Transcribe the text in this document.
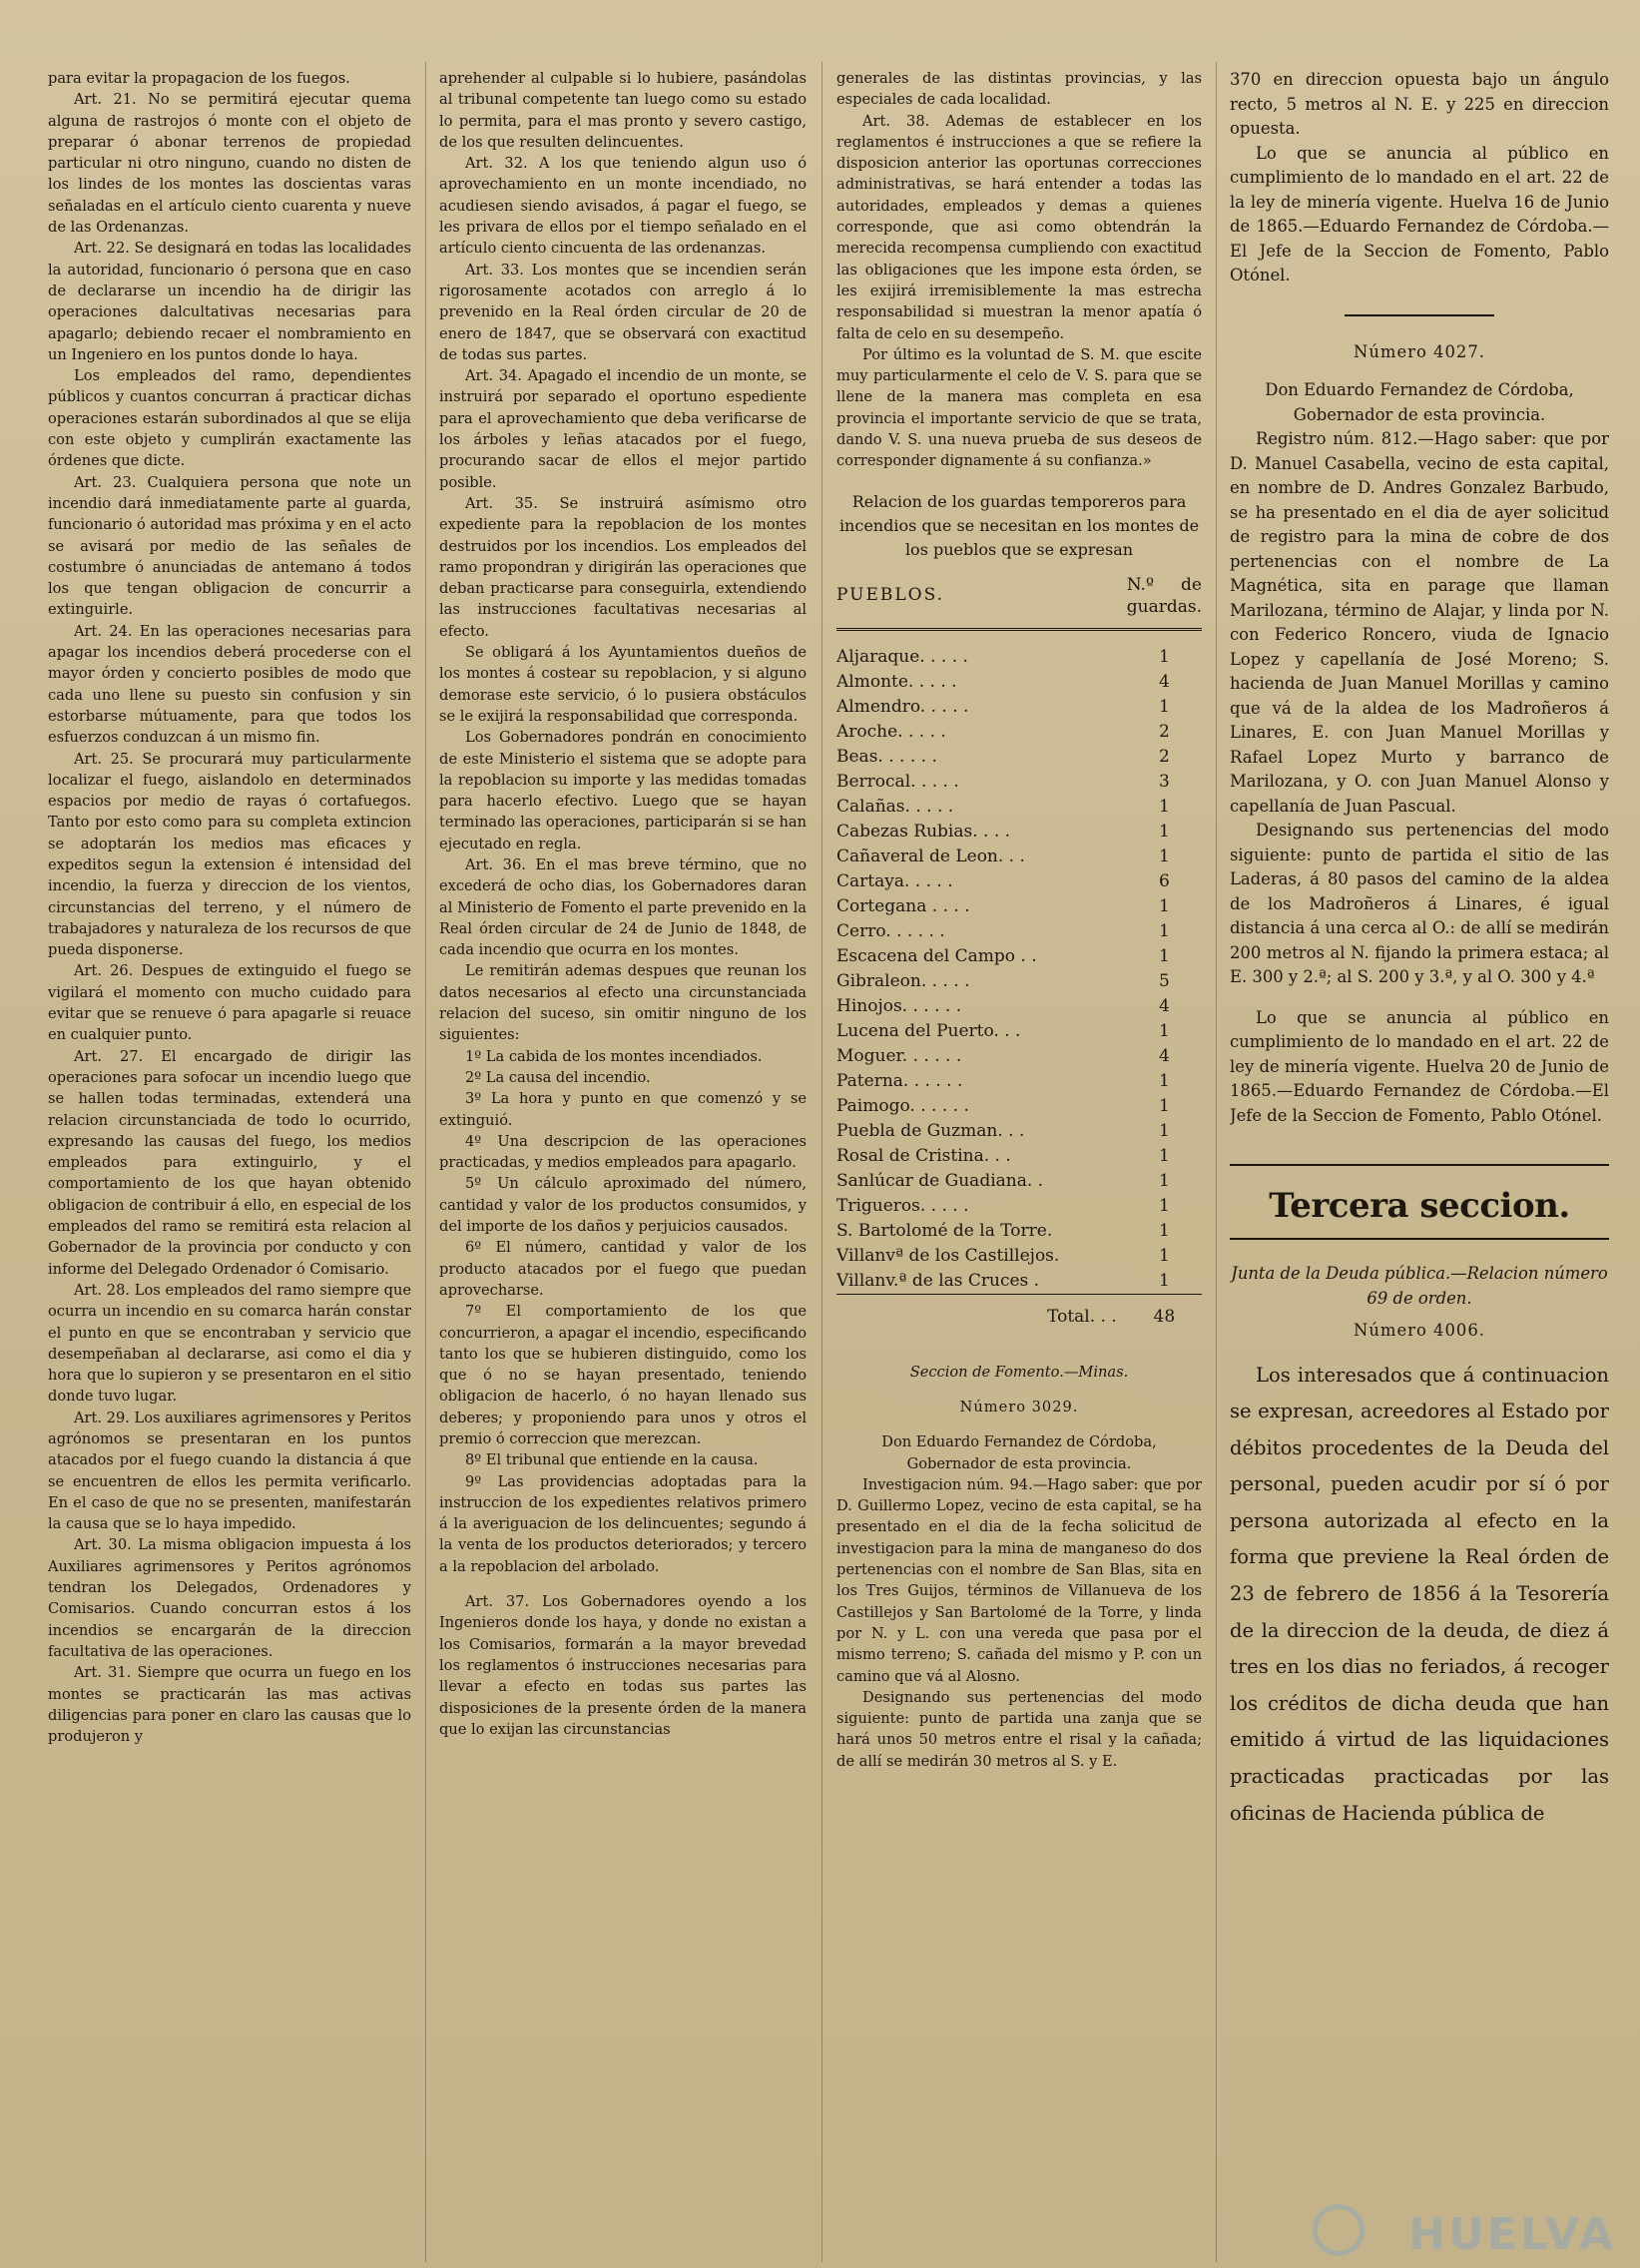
para evitar la propagacion de los fuegos.

Art. 21. No se permitirá ejecutar quema alguna de rastrojos ó monte con el objeto de preparar ó abonar terrenos de propiedad particular ni otro ninguno, cuando no disten de los lindes de los montes las doscientas varas señaladas en el artículo ciento cuarenta y nueve de las Ordenanzas.

Art. 22. Se designará en todas las localidades la autoridad, funcionario ó persona que en caso de declararse un incendio ha de dirigir las operaciones dalcultativas necesarias para apagarlo; debiendo recaer el nombramiento en un Ingeniero en los puntos donde lo haya.

Los empleados del ramo, dependientes públicos y cuantos concurran á practicar dichas operaciones estarán subordinados al que se elija con este objeto y cumplirán exactamente las órdenes que dicte.

Art. 23. Cualquiera persona que note un incendio dará inmediatamente parte al guarda, funcionario ó autoridad mas próxima y en el acto se avisará por medio de las señales de costumbre ó anunciadas de antemano á todos los que tengan obligacion de concurrir a extinguirle.

Art. 24. En las operaciones necesarias para apagar los incendios deberá procederse con el mayor órden y concierto posibles de modo que cada uno llene su puesto sin confusion y sin estorbarse mútuamente, para que todos los esfuerzos conduzcan á un mismo fin.

Art. 25. Se procurará muy particularmente localizar el fuego, aislandolo en determinados espacios por medio de rayas ó cortafuegos. Tanto por esto como para su completa extincion se adoptarán los medios mas eficaces y expeditos segun la extension é intensidad del incendio, la fuerza y direccion de los vientos, circunstancias del terreno, y el número de trabajadores y naturaleza de los recursos de que pueda disponerse.

Art. 26. Despues de extinguido el fuego se vigilará el momento con mucho cuidado para evitar que se renueve ó para apagarle si reuace en cualquier punto.

Art. 27. El encargado de dirigir las operaciones para sofocar un incendio luego que se hallen todas terminadas, extenderá una relacion circunstanciada de todo lo ocurrido, expresando las causas del fuego, los medios empleados para extinguirlo, y el comportamiento de los que hayan obtenido obligacion de contribuir á ello, en especial de los empleados del ramo se remitirá esta relacion al Gobernador de la provincia por conducto y con informe del Delegado Ordenador ó Comisario.

Art. 28. Los empleados del ramo siempre que ocurra un incendio en su comarca harán constar el punto en que se encontraban y servicio que desempeñaban al declararse, asi como el dia y hora que lo supieron y se presentaron en el sitio donde tuvo lugar.

Art. 29. Los auxiliares agrimensores y Peritos agrónomos se presentaran en los puntos atacados por el fuego cuando la distancia á que se encuentren de ellos les permita verificarlo. En el caso de que no se presenten, manifestarán la causa que se lo haya impedido.

Art. 30. La misma obligacion impuesta á los Auxiliares agrimensores y Peritos agrónomos tendran los Delegados, Ordenadores y Comisarios. Cuando concurran estos á los incendios se encargarán de la direccion facultativa de las operaciones.

Art. 31. Siempre que ocurra un fuego en los montes se practicarán las mas activas diligencias para poner en claro las causas que lo produjeron y

aprehender al culpable si lo hubiere, pasándolas al tribunal competente tan luego como su estado lo permita, para el mas pronto y severo castigo, de los que resulten delincuentes.

Art. 32. A los que teniendo algun uso ó aprovechamiento en un monte incendiado, no acudiesen siendo avisados, á pagar el fuego, se les privara de ellos por el tiempo señalado en el artículo ciento cincuenta de las ordenanzas.

Art. 33. Los montes que se incendien serán rigorosamente acotados con arreglo á lo prevenido en la Real órden circular de 20 de enero de 1847, que se observará con exactitud de todas sus partes.

Art. 34. Apagado el incendio de un monte, se instruirá por separado el oportuno espediente para el aprovechamiento que deba verificarse de los árboles y leñas atacados por el fuego, procurando sacar de ellos el mejor partido posible.

Art. 35. Se instruirá asímismo otro expediente para la repoblacion de los montes destruidos por los incendios. Los empleados del ramo propondran y dirigirán las operaciones que deban practicarse para conseguirla, extendiendo las instrucciones facultativas necesarias al efecto.

Se obligará á los Ayuntamientos dueños de los montes á costear su repoblacion, y si alguno demorase este servicio, ó lo pusiera obstáculos se le exijirá la responsabilidad que corresponda.

Los Gobernadores pondrán en conocimiento de este Ministerio el sistema que se adopte para la repoblacion su importe y las medidas tomadas para hacerlo efectivo. Luego que se hayan terminado las operaciones, participarán si se han ejecutado en regla.

Art. 36. En el mas breve término, que no excederá de ocho dias, los Gobernadores daran al Ministerio de Fomento el parte prevenido en la Real órden circular de 24 de Junio de 1848, de cada incendio que ocurra en los montes.

Le remitirán ademas despues que reunan los datos necesarios al efecto una circunstanciada relacion del suceso, sin omitir ninguno de los siguientes:

1º La cabida de los montes incendiados.

2º La causa del incendio.

3º La hora y punto en que comenzó y se extinguió.

4º Una descripcion de las operaciones practicadas, y medios empleados para apagarlo.

5º Un cálculo aproximado del número, cantidad y valor de los productos consumidos, y del importe de los daños y perjuicios causados.

6º El número, cantidad y valor de los producto atacados por el fuego que puedan aprovecharse.

7º El comportamiento de los que concurrieron, a apagar el incendio, especificando tanto los que se hubieren distinguido, como los que ó no se hayan presentado, teniendo obligacion de hacerlo, ó no hayan llenado sus deberes; y proponiendo para unos y otros el premio ó correccion que merezcan.

8º El tribunal que entiende en la causa.

9º Las providencias adoptadas para la instruccion de los expedientes relativos primero á la averiguacion de los delincuentes; segundo á la venta de los productos deteriorados; y tercero a la repoblacion del arbolado.

Art. 37. Los Gobernadores oyendo a los Ingenieros donde los haya, y donde no existan a los Comisarios, formarán a la mayor brevedad los reglamentos ó instrucciones necesarias para llevar a efecto en todas sus partes las disposiciones de la presente órden de la manera que lo exijan las circunstancias

generales de las distintas provincias, y las especiales de cada localidad.

Art. 38. Ademas de establecer en los reglamentos é instrucciones a que se refiere la disposicion anterior las oportunas correcciones administrativas, se hará entender a todas las autoridades, empleados y demas a quienes corresponde, que asi como obtendrán la merecida recompensa cumpliendo con exactitud las obligaciones que les impone esta órden, se les exijirá irremisiblemente la mas estrecha responsabilidad si muestran la menor apatía ó falta de celo en su desempeño.

Por último es la voluntad de S. M. que escite muy particularmente el celo de V. S. para que se llene de la manera mas completa en esa provincia el importante servicio de que se trata, dando V. S. una nueva prueba de sus deseos de corresponder dignamente á su confianza.»

Relacion de los guardas temporeros para incendios que se necesitan en los montes de los pueblos que se expresan
PUEBLOS.	N.º de guardas.
Aljaraque. . . . .	1
Almonte. . . . .	4
Almendro. . . . .	1
Aroche. . . . .	2
Beas. . . . . .	2
Berrocal. . . . .	3
Calañas. . . . .	1
Cabezas Rubias. . . .	1
Cañaveral de Leon. . .	1
Cartaya. . . . .	6
Cortegana . . . .	1
Cerro. . . . . .	1
Escacena del Campo . .	1
Gibraleon. . . . .	5
Hinojos. . . . . .	4
Lucena del Puerto. . .	1
Moguer. . . . . .	4
Paterna. . . . . .	1
Paimogo. . . . . .	1
Puebla de Guzman. . .	1
Rosal de Cristina. . .	1
Sanlúcar de Guadiana. .	1
Trigueros. . . . .	1
S. Bartolomé de la Torre.	1
Villanvª de los Castillejos.	1
Villanv.ª de las Cruces .	1
Total. . .	48
Seccion de Fomento.—Minas.
Número 3029.

Don Eduardo Fernandez de Córdoba, Gobernador de esta provincia.

Investigacion núm. 94.—Hago saber: que por D. Guillermo Lopez, vecino de esta capital, se ha presentado en el dia de la fecha solicitud de investigacion para la mina de manganeso do dos pertenencias con el nombre de San Blas, sita en los Tres Guijos, términos de Villanueva de los Castillejos y San Bartolomé de la Torre, y linda por N. y L. con una vereda que pasa por el mismo terreno; S. cañada del mismo y P. con un camino que vá al Alosno.

Designando sus pertenencias del modo siguiente: punto de partida una zanja que se hará unos 50 metros entre el risal y la cañada; de allí se medirán 30 metros al S. y E.

370 en direccion opuesta bajo un ángulo recto, 5 metros al N. E. y 225 en direccion opuesta.

Lo que se anuncia al público en cumplimiento de lo mandado en el art. 22 de la ley de minería vigente. Huelva 16 de Junio de 1865.—Eduardo Fernandez de Córdoba.—El Jefe de la Seccion de Fomento, Pablo Otónel.

Número 4027.

Don Eduardo Fernandez de Córdoba, Gobernador de esta provincia.

Registro núm. 812.—Hago saber: que por D. Manuel Casabella, vecino de esta capital, en nombre de D. Andres Gonzalez Barbudo, se ha presentado en el dia de ayer solicitud de registro para la mina de cobre de dos pertenencias con el nombre de La Magnética, sita en parage que llaman Marilozana, término de Alajar, y linda por N. con Federico Roncero, viuda de Ignacio Lopez y capellanía de José Moreno; S. hacienda de Juan Manuel Morillas y camino que vá de la aldea de los Madroñeros á Linares, E. con Juan Manuel Morillas y Rafael Lopez Murto y barranco de Marilozana, y O. con Juan Manuel Alonso y capellanía de Juan Pascual.

Designando sus pertenencias del modo siguiente: punto de partida el sitio de las Laderas, á 80 pasos del camino de la aldea de los Madroñeros á Linares, é igual distancia á una cerca al O.: de allí se medirán 200 metros al N. fijando la primera estaca; al E. 300 y 2.ª; al S. 200 y 3.ª, y al O. 300 y 4.ª

Lo que se anuncia al público en cumplimiento de lo mandado en el art. 22 de ley de minería vigente. Huelva 20 de Junio de 1865.—Eduardo Fernandez de Córdoba.—El Jefe de la Seccion de Fomento, Pablo Otónel.

Tercera seccion.
Junta de la Deuda pública.—Relacion número 69 de orden.
Número 4006.

Los interesados que á continuacion se expresan, acreedores al Estado por débitos procedentes de la Deuda del personal, pueden acudir por sí ó por persona autorizada al efecto en la forma que previene la Real órden de 23 de febrero de 1856 á la Tesorería de la direccion de la deuda, de diez á tres en los dias no feriados, á recoger los créditos de dicha deuda que han emitido á virtud de las liquidaciones practicadas practicadas por las oficinas de Hacienda pública de

HUELVA
